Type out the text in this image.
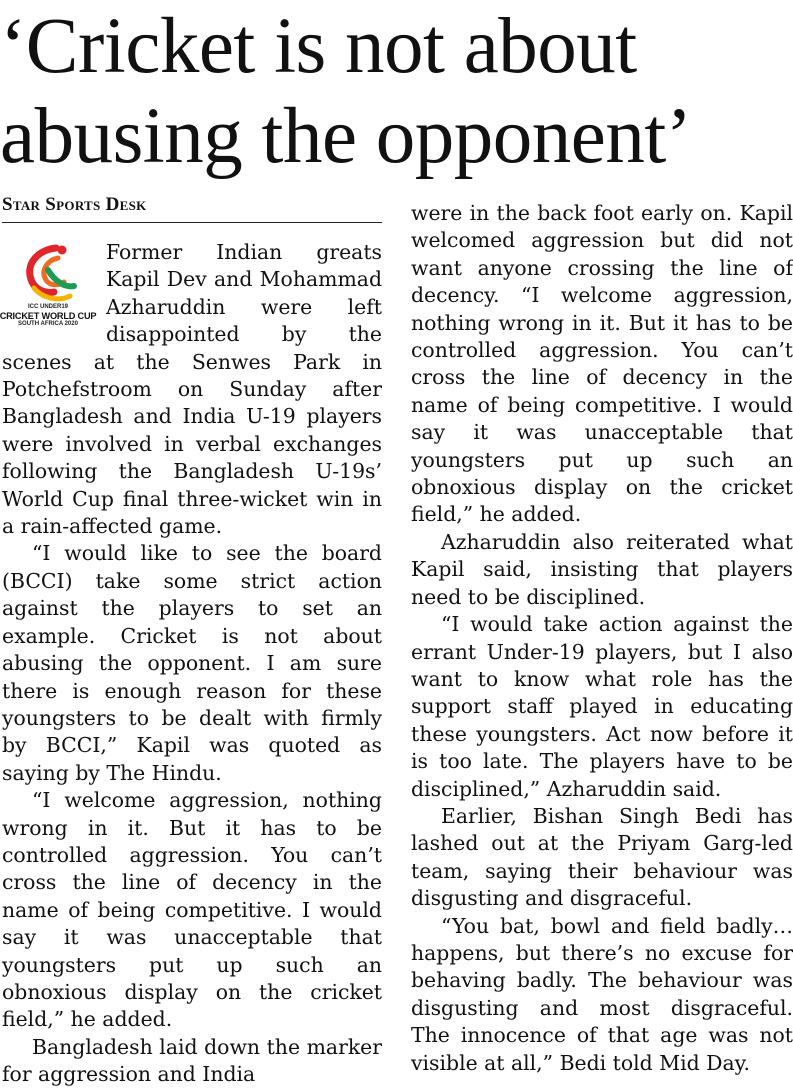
‘Cricket is not about abusing the opponent’
Star Sports Desk
ICC UNDER19
CRICKET WORLD CUP
SOUTH AFRICA 2020

Former Indian greats Kapil Dev and Mohammad Azharuddin were left disappointed by the scenes at the Senwes Park in Potchefstroom on Sunday after Bangladesh and India U-19 players were involved in verbal exchanges following the Bangladesh U-19s’ World Cup final three-wicket win in a rain-affected game.

“I would like to see the board (BCCI) take some strict action against the players to set an example. Cricket is not about abusing the opponent. I am sure there is enough reason for these youngsters to be dealt with firmly by BCCI,” Kapil was quoted as saying by The Hindu.

“I welcome aggression, nothing wrong in it. But it has to be controlled aggression. You can’t cross the line of decency in the name of being competitive. I would say it was unacceptable that youngsters put up such an obnoxious display on the cricket field,” he added.

Bangladesh laid down the marker for aggression and India

were in the back foot early on. Kapil welcomed aggression but did not want anyone crossing the line of decency. “I welcome aggression, nothing wrong in it. But it has to be controlled aggression. You can’t cross the line of decency in the name of being competitive. I would say it was unacceptable that youngsters put up such an obnoxious display on the cricket field,” he added.

Azharuddin also reiterated what Kapil said, insisting that players need to be disciplined.

“I would take action against the errant Under-19 players, but I also want to know what role has the support staff played in educating these youngsters. Act now before it is too late. The players have to be disciplined,” Azharuddin said.

Earlier, Bishan Singh Bedi has lashed out at the Priyam Garg-led team, saying their behaviour was disgusting and disgraceful.

“You bat, bowl and field badly… happens, but there’s no excuse for behaving badly. The behaviour was disgusting and most disgraceful. The innocence of that age was not visible at all,” Bedi told Mid Day.
